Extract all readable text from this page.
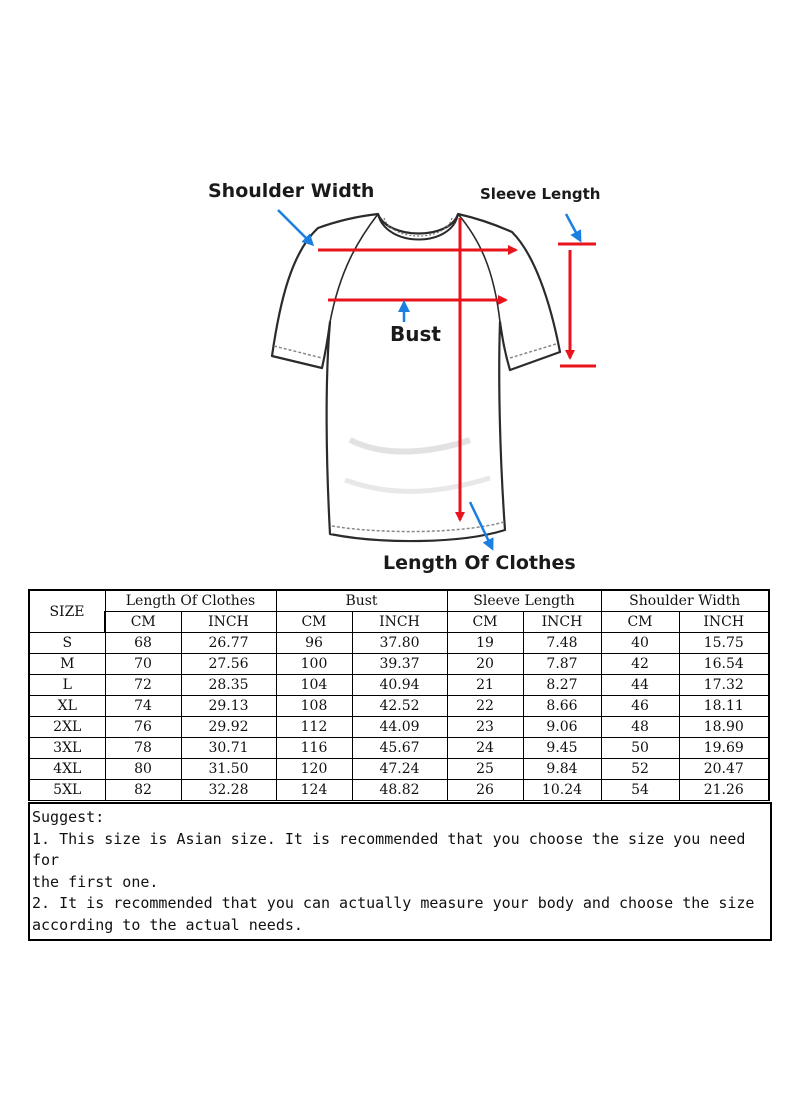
Shoulder Width	Sleeve Length
Bust
Length Of Clothes
SIZE	Length Of Clothes		Bust		Sleeve Length		Shoulder Width	
	CM	INCH	CM	INCH	CM	INCH	CM	INCH
S	68	26.77	96	37.80	19	7.48	40	15.75
M	70	27.56	100	39.37	20	7.87	42	16.54
L	72	28.35	104	40.94	21	8.27	44	17.32
XL	74	29.13	108	42.52	22	8.66	46	18.11
2XL	76	29.92	112	44.09	23	9.06	48	18.90
3XL	78	30.71	116	45.67	24	9.45	50	19.69
4XL	80	31.50	120	47.24	25	9.84	52	20.47
5XL	82	32.28	124	48.82	26	10.24	54	21.26
Suggest:
1. This size is Asian size. It is recommended that you choose the size you need for
the first one.
2. It is recommended that you can actually measure your body and choose the size
according to the actual needs.
